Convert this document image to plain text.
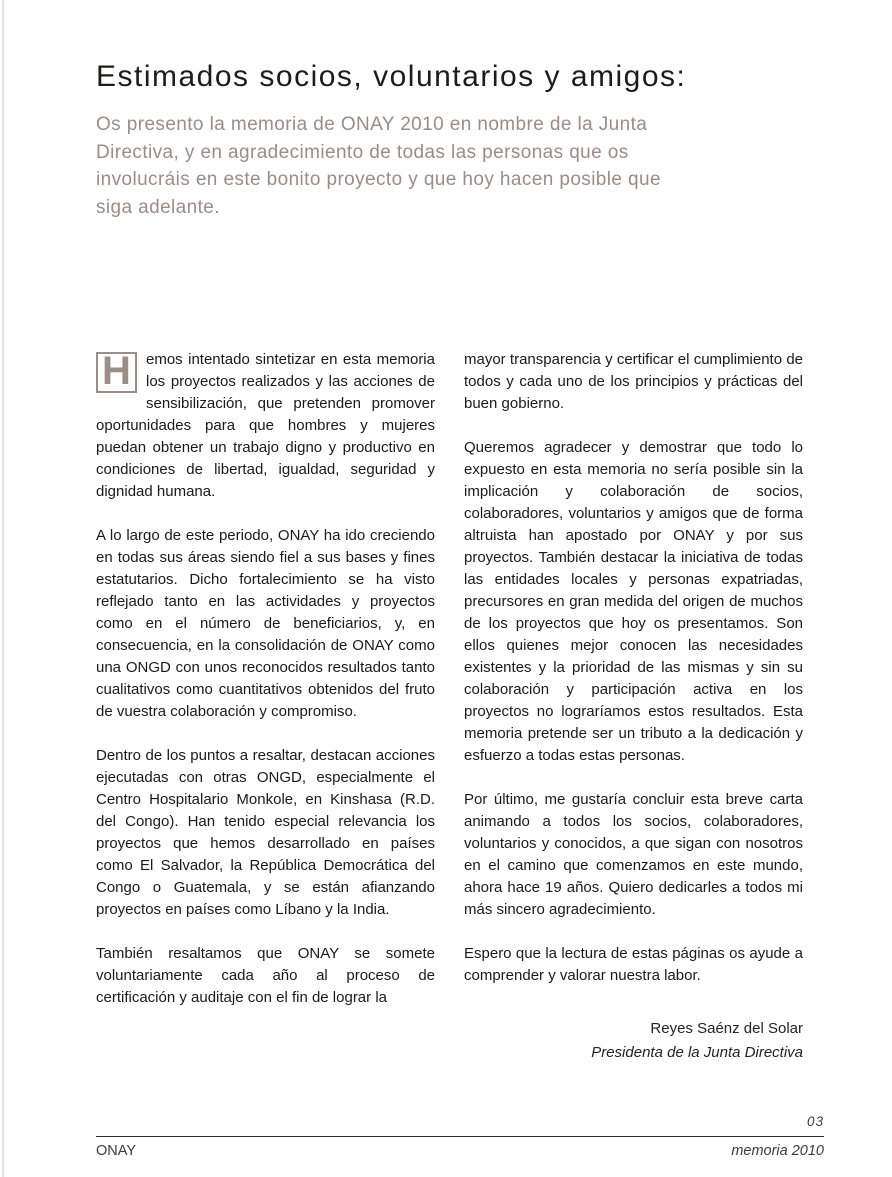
Estimados socios, voluntarios y amigos:

Os presento la memoria de ONAY 2010 en nombre de la Junta Directiva, y en agradecimiento de todas las personas que os involucráis en este bonito proyecto y que hoy hacen posible que siga adelante.

H	emos intentado sintetizar en esta memoria los proyectos realizados y las acciones de sensibilización, que pretenden promover oportunidades para que hombres y mujeres puedan obtener un trabajo digno y productivo en condiciones de libertad, igualdad, seguridad y dignidad humana.

A lo largo de este periodo, ONAY ha ido creciendo en todas sus áreas siendo fiel a sus bases y fines estatutarios. Dicho fortalecimiento se ha visto reflejado tanto en las actividades y proyectos como en el número de beneficiarios, y, en consecuencia, en la consolidación de ONAY como una ONGD con unos reconocidos resultados tanto cualitativos como cuantitativos obtenidos del fruto de vuestra colaboración y compromiso.

Dentro de los puntos a resaltar, destacan acciones ejecutadas con otras ONGD, especialmente el Centro Hospitalario Monkole, en Kinshasa (R.D. del Congo). Han tenido especial relevancia los proyectos que hemos desarrollado en países como El Salvador, la República Democrática del Congo o Guatemala, y se están afianzando proyectos en países como Líbano y la India.

También resaltamos que ONAY se somete voluntariamente cada año al proceso de certificación y auditaje con el fin de lograr la

mayor transparencia y certificar el cumplimiento de todos y cada uno de los principios y prácticas del buen gobierno.

Queremos agradecer y demostrar que todo lo expuesto en esta memoria no sería posible sin la implicación y colaboración de socios, colaboradores, voluntarios y amigos que de forma altruista han apostado por ONAY y por sus proyectos. También destacar la iniciativa de todas las entidades locales y personas expatriadas, precursores en gran medida del origen de muchos de los proyectos que hoy os presentamos. Son ellos quienes mejor conocen las necesidades existentes y la prioridad de las mismas y sin su colaboración y participación activa en los proyectos no lograríamos estos resultados. Esta memoria pretende ser un tributo a la dedicación y esfuerzo a todas estas personas.

Por último, me gustaría concluir esta breve carta animando a todos los socios, colaboradores, voluntarios y conocidos, a que sigan con nosotros en el camino que comenzamos en este mundo, ahora hace 19 años. Quiero dedicarles a todos mi más sincero agradecimiento.

Espero que la lectura de estas páginas os ayude a comprender y valorar nuestra labor.

Reyes Saénz del Solar
Presidenta de la Junta Directiva
03
ONAY	memoria 2010
